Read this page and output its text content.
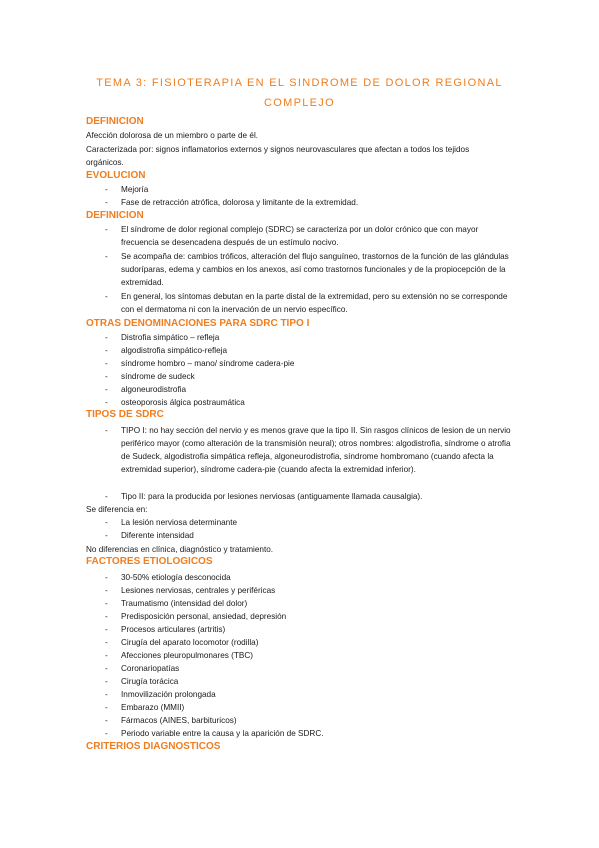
TEMA 3: FISIOTERAPIA EN EL SINDROME DE DOLOR REGIONAL
COMPLEJO
DEFINICION
Afección dolorosa de un miembro o parte de él.
Caracterizada por: signos inflamatorios externos y signos neurovasculares que afectan a todos los tejidos orgánicos.
EVOLUCION
- Mejoría
- Fase de retracción atrófica, dolorosa y limitante de la extremidad.
DEFINICION
- El síndrome de dolor regional complejo (SDRC) se caracteriza por un dolor crónico que con mayor frecuencia se desencadena después de un estímulo nocivo.
- Se acompaña de: cambios tróficos, alteración del flujo sanguíneo, trastornos de la función de las glándulas sudoríparas, edema y cambios en los anexos, así como trastornos funcionales y de la propiocepción de la extremidad.
- En general, los síntomas debutan en la parte distal de la extremidad, pero su extensión no se corresponde con el dermatoma ni con la inervación de un nervio específico.
OTRAS DENOMINACIONES PARA SDRC TIPO I
- Distrofia simpático – refleja
- algodistrofia simpático-refleja
- síndrome hombro – mano/ síndrome cadera-pie
- síndrome de sudeck
- algoneurodistrofia
- osteoporosis álgica postraumática
TIPOS DE SDRC
- TIPO I: no hay sección del nervio y es menos grave que la tipo II. Sin rasgos clínicos de lesion de un nervio periférico mayor (como alteración de la transmisión neural); otros nombres: algodistrofia, síndrome o atrofia de Sudeck, algodistrofia simpática refleja, algoneurodistrofia, síndrome hombromano (cuando afecta la extremidad superior), síndrome cadera-pie (cuando afecta la extremidad inferior).
- Tipo II: para la producida por lesiones nerviosas (antiguamente llamada causalgia).
Se diferencia en:
- La lesión nerviosa determinante
- Diferente intensidad
No diferencias en clínica, diagnóstico y tratamiento.
FACTORES ETIOLOGICOS
- 30-50% etiología desconocida
- Lesiones nerviosas, centrales y periféricas
- Traumatismo (intensidad del dolor)
- Predisposición personal, ansiedad, depresión
- Procesos articulares (artritis)
- Cirugía del aparato locomotor (rodilla)
- Afecciones pleuropulmonares (TBC)
- Coronariopatías
- Cirugía torácica
- Inmovilización prolongada
- Embarazo (MMII)
- Fármacos (AINES, barbituricos)
- Periodo variable entre la causa y la aparición de SDRC.
CRITERIOS DIAGNOSTICOS
